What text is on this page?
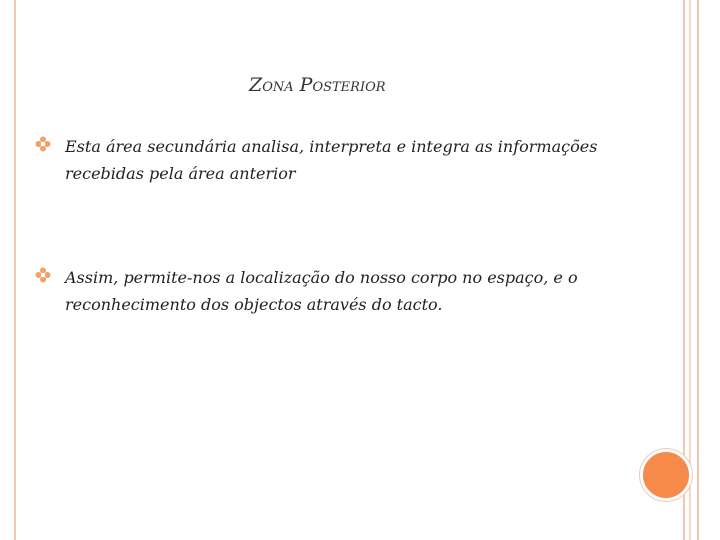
Zona Posterior
Esta área secundária analisa, interpreta e integra as informações recebidas pela área anterior
Assim, permite-nos a localização do nosso corpo no espaço, e o reconhecimento dos objectos através do tacto.
